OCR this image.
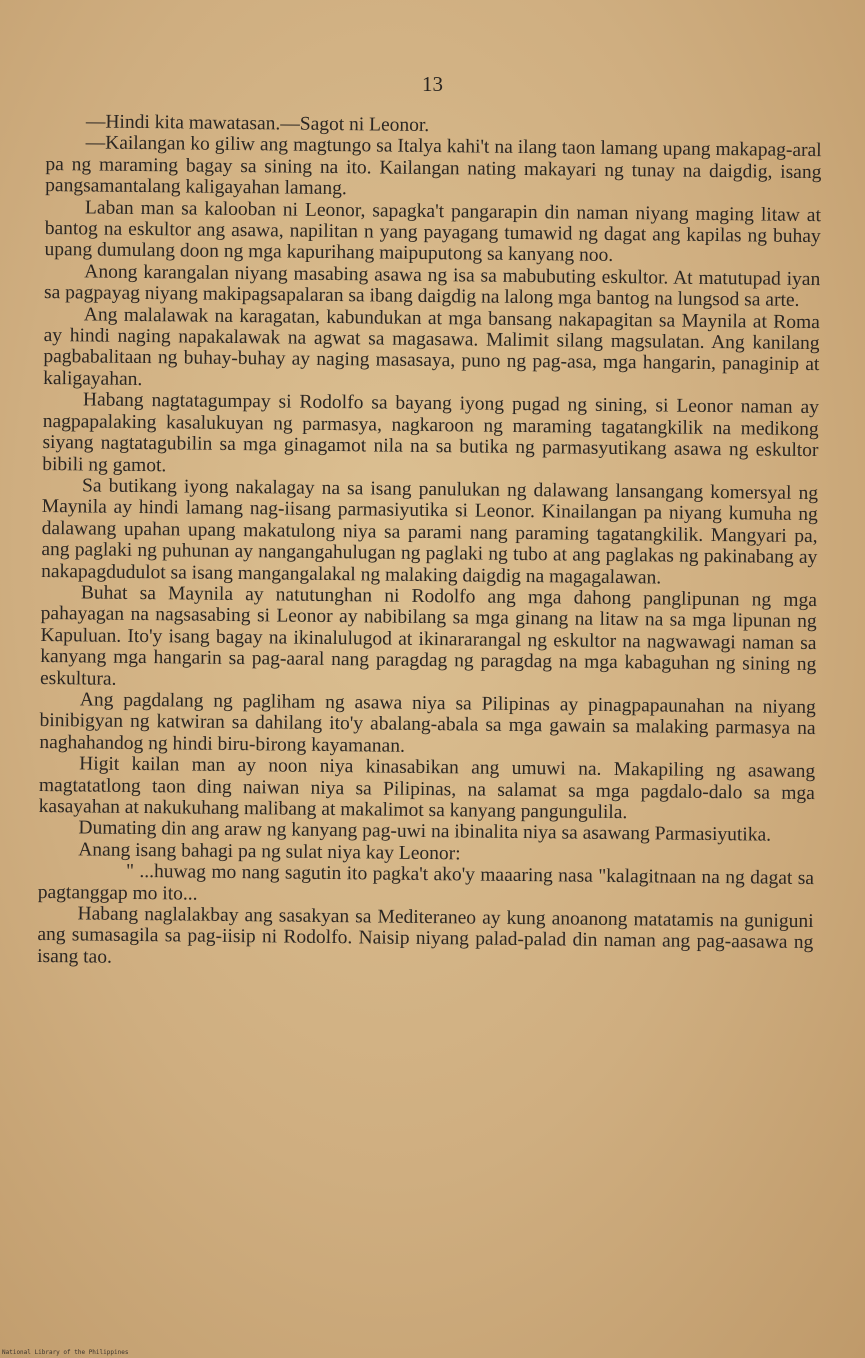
13

—Hindi kita mawatasan.—Sagot ni Leonor.

—Kailangan ko giliw ang magtungo sa Italya kahi't na ilang taon lamang upang makapag-aral pa ng maraming bagay sa sining na ito. Kailangan nating makayari ng tunay na daigdig, isang pangsamantalang kaligayahan lamang.

Laban man sa kalooban ni Leonor, sapagka't pangarapin din naman niyang maging litaw at bantog na eskultor ang asawa, napilitan n yang payagang tumawid ng dagat ang kapilas ng buhay upang dumulang doon ng mga kapurihang maipuputong sa kanyang noo.

Anong karangalan niyang masabing asawa ng isa sa mabubuting eskultor. At matutupad iyan sa pagpayag niyang makipagsapalaran sa ibang daigdig na lalong mga bantog na lungsod sa arte.

Ang malalawak na karagatan, kabundukan at mga bansang nakapagitan sa Maynila at Roma ay hindi naging napakalawak na agwat sa magasawa. Malimit silang magsulatan. Ang kanilang pagbabalitaan ng buhay-buhay ay naging masasaya, puno ng pag-asa, mga hangarin, panaginip at kaligayahan.

Habang nagtatagumpay si Rodolfo sa bayang iyong pugad ng sining, si Leonor naman ay nagpapalaking kasalukuyan ng parmasya, nagkaroon ng maraming tagatangkilik na medikong siyang nagtatagubilin sa mga ginagamot nila na sa butika ng parmasyutikang asawa ng eskultor bibili ng gamot.

Sa butikang iyong nakalagay na sa isang panulukan ng dalawang lansangang komersyal ng Maynila ay hindi lamang nag-iisang parmasiyutika si Leonor. Kinailangan pa niyang kumuha ng dalawang upahan upang makatulong niya sa parami nang paraming tagatangkilik. Mangyari pa, ang paglaki ng puhunan ay nangangahulugan ng paglaki ng tubo at ang paglakas ng pakinabang ay nakapagdudulot sa isang mangangalakal ng malaking daigdig na magagalawan.

Buhat sa Maynila ay natutunghan ni Rodolfo ang mga dahong panglipunan ng mga pahayagan na nagsasabing si Leonor ay nabibilang sa mga ginang na litaw na sa mga lipunan ng Kapuluan. Ito'y isang bagay na ikinalulugod at ikinararangal ng eskultor na nagwawagi naman sa kanyang mga hangarin sa pag-aaral nang paragdag ng paragdag na mga kabaguhan ng sining ng eskultura.

Ang pagdalang ng pagliham ng asawa niya sa Pilipinas ay pinagpapaunahan na niyang binibigyan ng katwiran sa dahilang ito'y abalang-abala sa mga gawain sa malaking parmasya na naghahandog ng hindi biru-birong kayamanan.

Higit kailan man ay noon niya kinasabikan ang umuwi na. Makapiling ng asawang magtatatlong taon ding naiwan niya sa Pilipinas, na salamat sa mga pagdalo-dalo sa mga kasayahan at nakukuhang malibang at makalimot sa kanyang pangungulila.

Dumating din ang araw ng kanyang pag-uwi na ibinalita niya sa asawang Parmasiyutika.

Anang isang bahagi pa ng sulat niya kay Leonor:

" ...huwag mo nang sagutin ito pagka't ako'y maaaring nasa "kalagitnaan na ng dagat sa pagtanggap mo ito...

Habang naglalakbay ang sasakyan sa Mediteraneo ay kung anoanong matatamis na guniguni ang sumasagila sa pag-iisip ni Rodolfo. Naisip niyang palad-palad din naman ang pag-aasawa ng isang tao.

National Library of the Philippines
